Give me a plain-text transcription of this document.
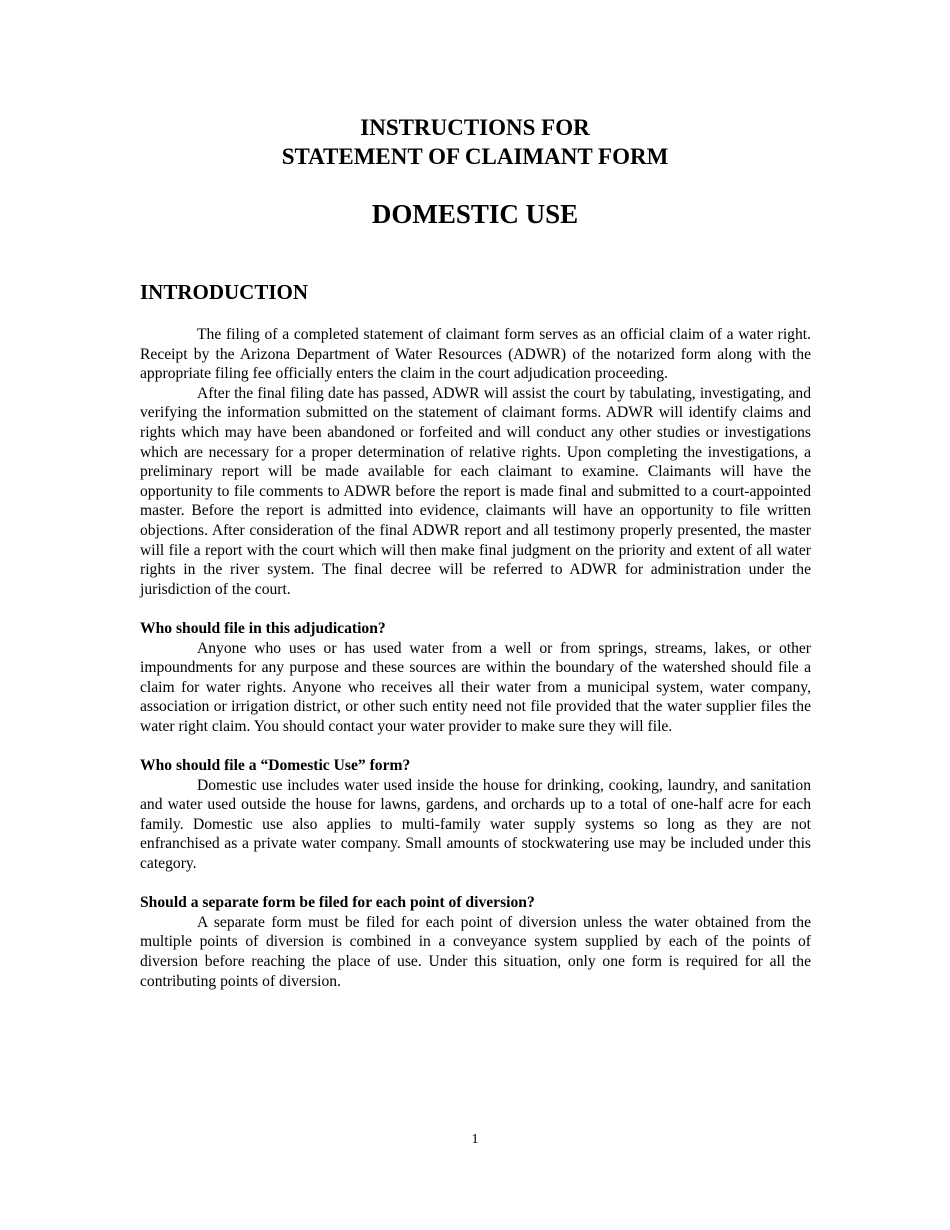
INSTRUCTIONS FOR
STATEMENT OF CLAIMANT FORM
DOMESTIC USE
INTRODUCTION

The filing of a completed statement of claimant form serves as an official claim of a water right. Receipt by the Arizona Department of Water Resources (ADWR) of the notarized form along with the appropriate filing fee officially enters the claim in the court adjudication proceeding.

After the final filing date has passed, ADWR will assist the court by tabulating, investigating, and verifying the information submitted on the statement of claimant forms. ADWR will identify claims and rights which may have been abandoned or forfeited and will conduct any other studies or investigations which are necessary for a proper determination of relative rights. Upon completing the investigations, a preliminary report will be made available for each claimant to examine. Claimants will have the opportunity to file comments to ADWR before the report is made final and submitted to a court-appointed master. Before the report is admitted into evidence, claimants will have an opportunity to file written objections. After consideration of the final ADWR report and all testimony properly presented, the master will file a report with the court which will then make final judgment on the priority and extent of all water rights in the river system. The final decree will be referred to ADWR for administration under the jurisdiction of the court.

Who should file in this adjudication?

Anyone who uses or has used water from a well or from springs, streams, lakes, or other impoundments for any purpose and these sources are within the boundary of the watershed should file a claim for water rights. Anyone who receives all their water from a municipal system, water company, association or irrigation district, or other such entity need not file provided that the water supplier files the water right claim. You should contact your water provider to make sure they will file.

Who should file a “Domestic Use” form?

Domestic use includes water used inside the house for drinking, cooking, laundry, and sanitation and water used outside the house for lawns, gardens, and orchards up to a total of one-half acre for each family. Domestic use also applies to multi-family water supply systems so long as they are not enfranchised as a private water company. Small amounts of stockwatering use may be included under this category.

Should a separate form be filed for each point of diversion?

A separate form must be filed for each point of diversion unless the water obtained from the multiple points of diversion is combined in a conveyance system supplied by each of the points of diversion before reaching the place of use. Under this situation, only one form is required for all the contributing points of diversion.

1
